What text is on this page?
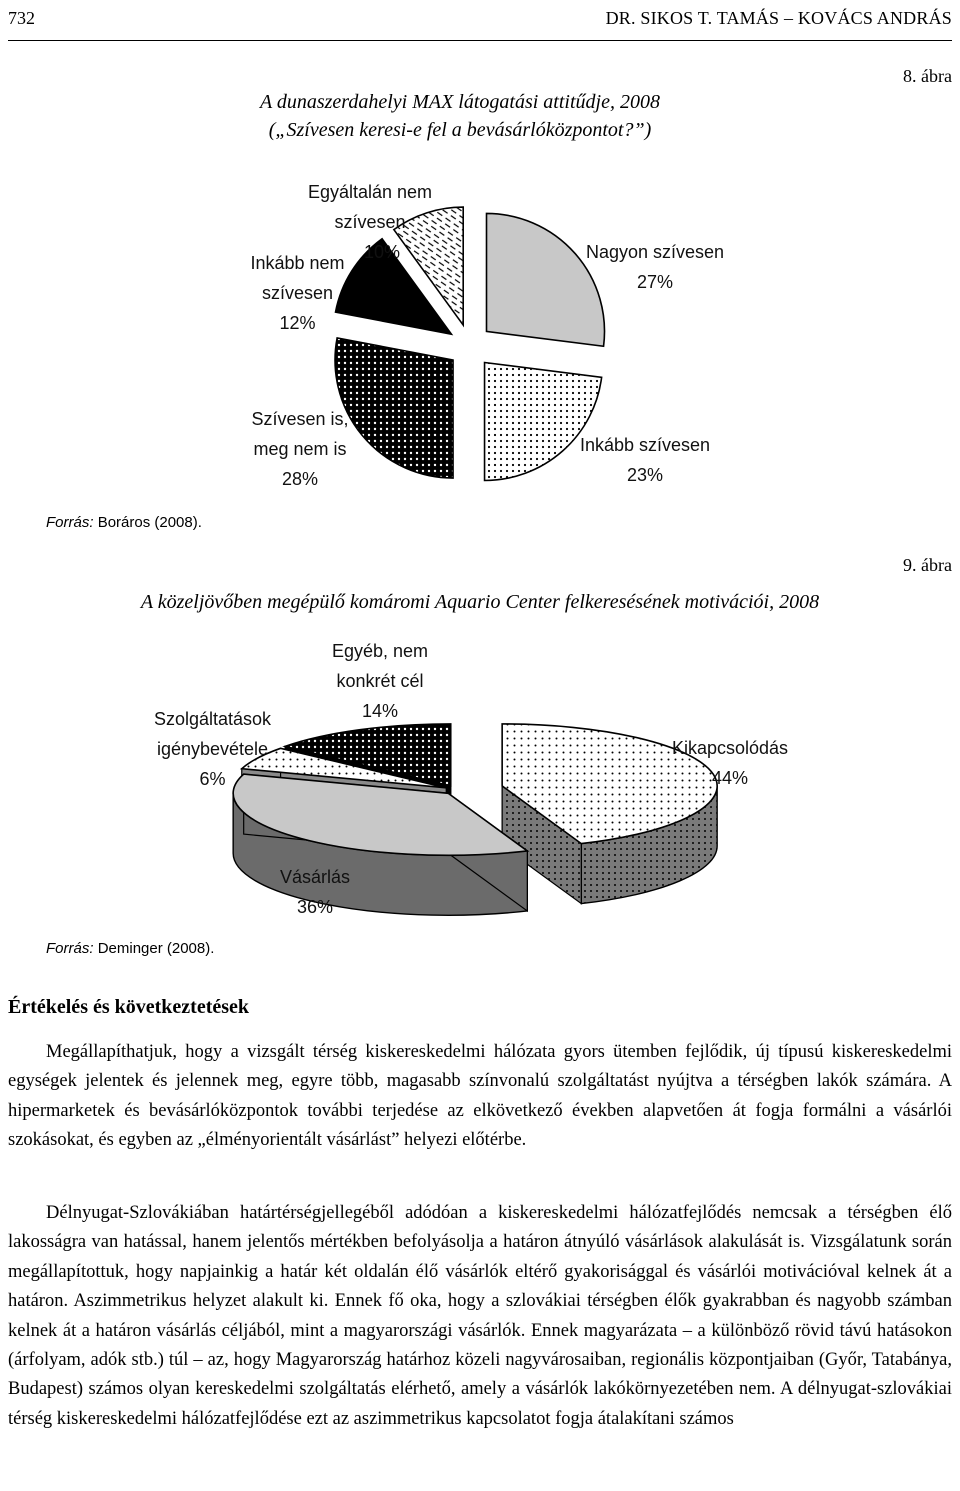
732	DR. SIKOS T. TAMÁS – KOVÁCS ANDRÁS
8. ábra
A dunaszerdahelyi MAX látogatási attitűdje, 2008
(„Szívesen keresi-e fel a bevásárlóközpontot?”)
Egyáltalán nem
szívesen
10%
Inkább nem
szívesen
12%
Nagyon szívesen
27%
Szívesen is,
meg nem is
28%
Inkább szívesen
23%
Forrás: Boráros (2008).
9. ábra
A közeljövőben megépülő komáromi Aquario Center felkeresésének motivációi, 2008
Egyéb, nem
konkrét cél
14%
Szolgáltatások
igénybevétele
6%
Kikapcsolódás
44%
Vásárlás
36%
Forrás: Deminger (2008).
Értékelés és következtetések

Megállapíthatjuk, hogy a vizsgált térség kiskereskedelmi hálózata gyors ütemben fejlődik, új típusú kiskereskedelmi egységek jelentek és jelennek meg, egyre több, magasabb színvonalú szolgáltatást nyújtva a térségben lakók számára. A hipermarketek és bevásárlóközpontok további terjedése az elkövetkező években alapvetően át fogja formálni a vásárlói szokásokat, és egyben az „élményorientált vásárlást” helyezi előtérbe.

Délnyugat-Szlovákiában határtérségjellegéből adódóan a kiskereskedelmi hálózatfejlődés nemcsak a térségben élő lakosságra van hatással, hanem jelentős mértékben befolyásolja a határon átnyúló vásárlások alakulását is. Vizsgálatunk során megállapítottuk, hogy napjainkig a határ két oldalán élő vásárlók eltérő gyakorisággal és vásárlói motivációval kelnek át a határon. Aszimmetrikus helyzet alakult ki. Ennek fő oka, hogy a szlovákiai térségben élők gyakrabban és nagyobb számban kelnek át a határon vásárlás céljából, mint a magyarországi vásárlók. Ennek magyarázata – a különböző rövid távú hatásokon (árfolyam, adók stb.) túl – az, hogy Magyarország határhoz közeli nagyvárosaiban, regionális központjaiban (Győr, Tatabánya, Budapest) számos olyan kereskedelmi szolgáltatás elérhető, amely a vásárlók lakókörnyezetében nem. A délnyugat-szlovákiai térség kiskereskedelmi hálózatfejlődése ezt az aszimmetrikus kapcsolatot fogja átalakítani számos
